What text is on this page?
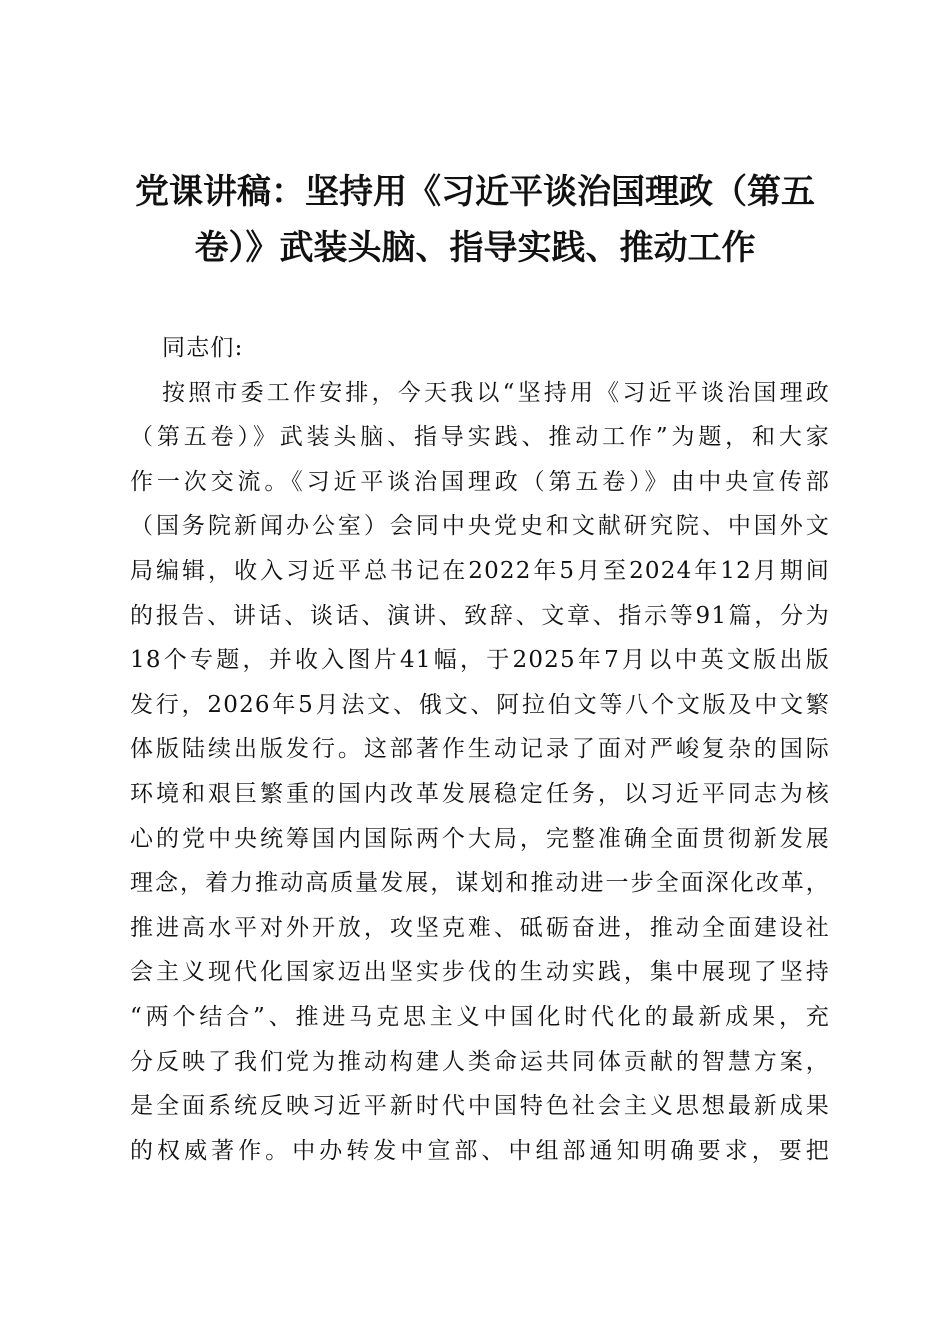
党课讲稿：坚持用《习近平谈治国理政（第五
卷）》武装头脑、指导实践、推动工作

同志们:

按照市委工作安排，今天我以“坚持用《习近平谈治国理政
（第五卷）》武装头脑、指导实践、推动工作”为题，和大家
作一次交流。《习近平谈治国理政（第五卷）》由中央宣传部
（国务院新闻办公室）会同中央党史和文献研究院、中国外文
局编辑，收入习近平总书记在2022年5月至2024年12月期间
的报告、讲话、谈话、演讲、致辞、文章、指示等91篇，分为
18个专题，并收入图片41幅，于2025年7月以中英文版出版
发行，2026年5月法文、俄文、阿拉伯文等八个文版及中文繁
体版陆续出版发行。这部著作生动记录了面对严峻复杂的国际
环境和艰巨繁重的国内改革发展稳定任务，以习近平同志为核
心的党中央统筹国内国际两个大局，完整准确全面贯彻新发展
理念，着力推动高质量发展，谋划和推动进一步全面深化改革，
推进高水平对外开放，攻坚克难、砥砺奋进，推动全面建设社
会主义现代化国家迈出坚实步伐的生动实践，集中展现了坚持
“两个结合”、推进马克思主义中国化时代化的最新成果，充
分反映了我们党为推动构建人类命运共同体贡献的智慧方案，
是全面系统反映习近平新时代中国特色社会主义思想最新成果
的权威著作。中办转发中宣部、中组部通知明确要求，要把
